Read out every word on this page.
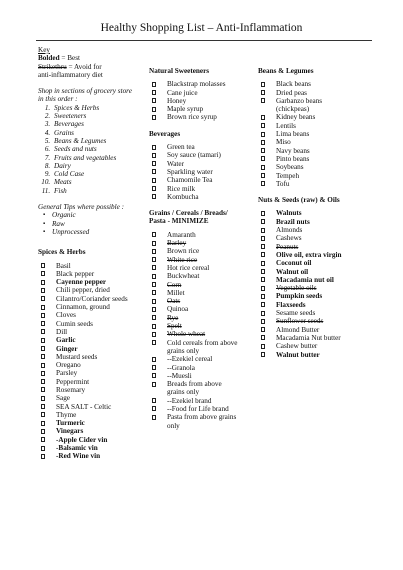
Healthy Shopping List – Anti-Inflammation
Key
Bolded = Best
Strikethru = Avoid for
anti-inflammatory diet
Shop in sections of grocery store
in this order :
1. Spices & Herbs
2. Sweeteners
3. Beverages
4. Grains
5. Beans & Legumes
6. Seeds and nuts
7. Fruits and vegetables
8. Dairy
9. Cold Case
10. Meats
11. Fish
General Tips where possible :
▪ Organic
▪ Raw
▪ Unprocessed
Spices & Herbs
Basil
Black pepper
Cayenne pepper
Chili pepper, dried
Cilantro/Coriander seeds
Cinnamon, ground
Cloves
Cumin seeds
Dill
Garlic
Ginger
Mustard seeds
Oregano
Parsley
Peppermint
Rosemary
Sage
SEA SALT - Celtic
Thyme
Turmeric
Vinegars
-Apple Cider vin
-Balsamic vin
-Red Wine vin
Natural Sweeteners
Blackstrap molasses
Cane juice
Honey
Maple syrup
Brown rice syrup
Beverages
Green tea
Soy sauce (tamari)
Water
Sparkling water
Chamomile Tea
Rice milk
Kombucha
Grains / Cereals / Breads/
Pasta - MINIMIZE
Amaranth
Barley
Brown rice
White rice
Hot rice cereal
Buckwheat
Corn
Millet
Oats
Quinoa
Rye
Spelt
Whole wheat
Cold cereals from above
grains only
--Ezekiel cereal
--Granola
--Muesli
Breads from above
grains only
--Ezekiel brand
--Food for Life brand
Pasta from above grains
only
Beans & Legumes
Black beans
Dried peas
Garbanzo beans
(chickpeas)
Kidney beans
Lentils
Lima beans
Miso
Navy beans
Pinto beans
Soybeans
Tempeh
Tofu
Nuts & Seeds (raw) & Oils
Walnuts
Brazil nuts
Almonds
Cashews
Peanuts
Olive oil, extra virgin
Coconut oil
Walnut oil
Macadamia nut oil
Vegetable oils
Pumpkin seeds
Flaxseeds
Sesame seeds
Sunflower seeds
Almond Butter
Macadamia Nut butter
Cashew butter
Walnut butter
